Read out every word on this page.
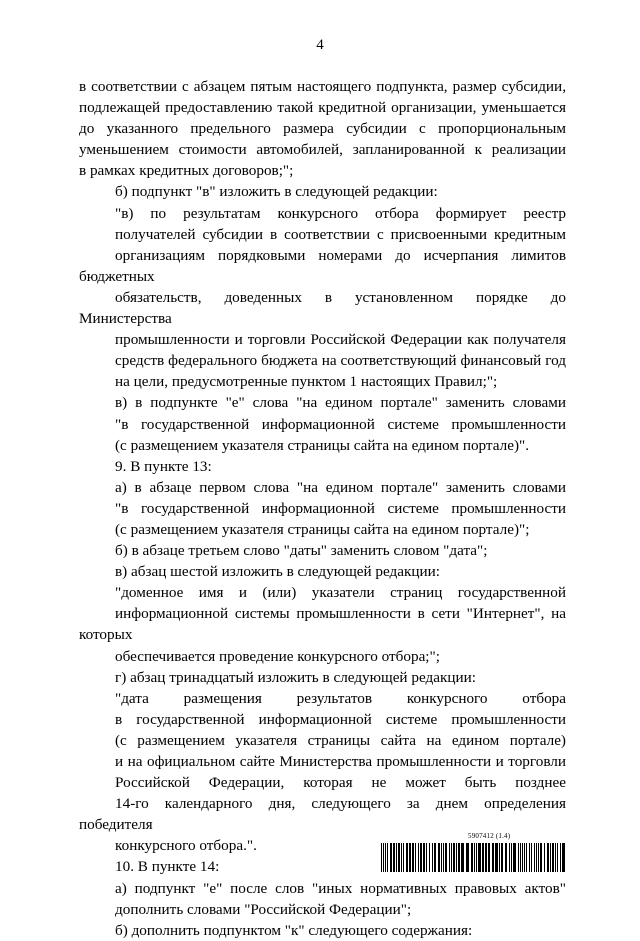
4

в соответствии с абзацем пятым настоящего подпункта, размер субсидии,
подлежащей предоставлению такой кредитной организации, уменьшается
до указанного предельного размера субсидии с пропорциональным
уменьшением стоимости автомобилей, запланированной к реализации
в рамках кредитных договоров;";

б) подпункт "в" изложить в следующей редакции:

"в) по результатам конкурсного отбора формирует реестр
получателей субсидии в соответствии с присвоенными кредитным
организациям порядковыми номерами до исчерпания лимитов бюджетных
обязательств, доведенных в установленном порядке до Министерства
промышленности и торговли Российской Федерации как получателя
средств федерального бюджета на соответствующий финансовый год
на цели, предусмотренные пунктом 1 настоящих Правил;";

в) в подпункте "е" слова "на едином портале" заменить словами
"в государственной информационной системе промышленности
(с размещением указателя страницы сайта на едином портале)".

9. В пункте 13:

а) в абзаце первом слова "на едином портале" заменить словами
"в государственной информационной системе промышленности
(с размещением указателя страницы сайта на едином портале)";

б) в абзаце третьем слово "даты" заменить словом "дата";

в) абзац шестой изложить в следующей редакции:

"доменное имя и (или) указатели страниц государственной
информационной системы промышленности в сети "Интернет", на которых
обеспечивается проведение конкурсного отбора;";

г) абзац тринадцатый изложить в следующей редакции:

"дата размещения результатов конкурсного отбора
в государственной информационной системе промышленности
(с размещением указателя страницы сайта на едином портале)
и на официальном сайте Министерства промышленности и торговли
Российской Федерации, которая не может быть позднее
14-го календарного дня, следующего за днем определения победителя
конкурсного отбора.".

10. В пункте 14:

а) подпункт "е" после слов "иных нормативных правовых актов"
дополнить словами "Российской Федерации";

б) дополнить подпунктом "к" следующего содержания:

5907412 (1.4)
